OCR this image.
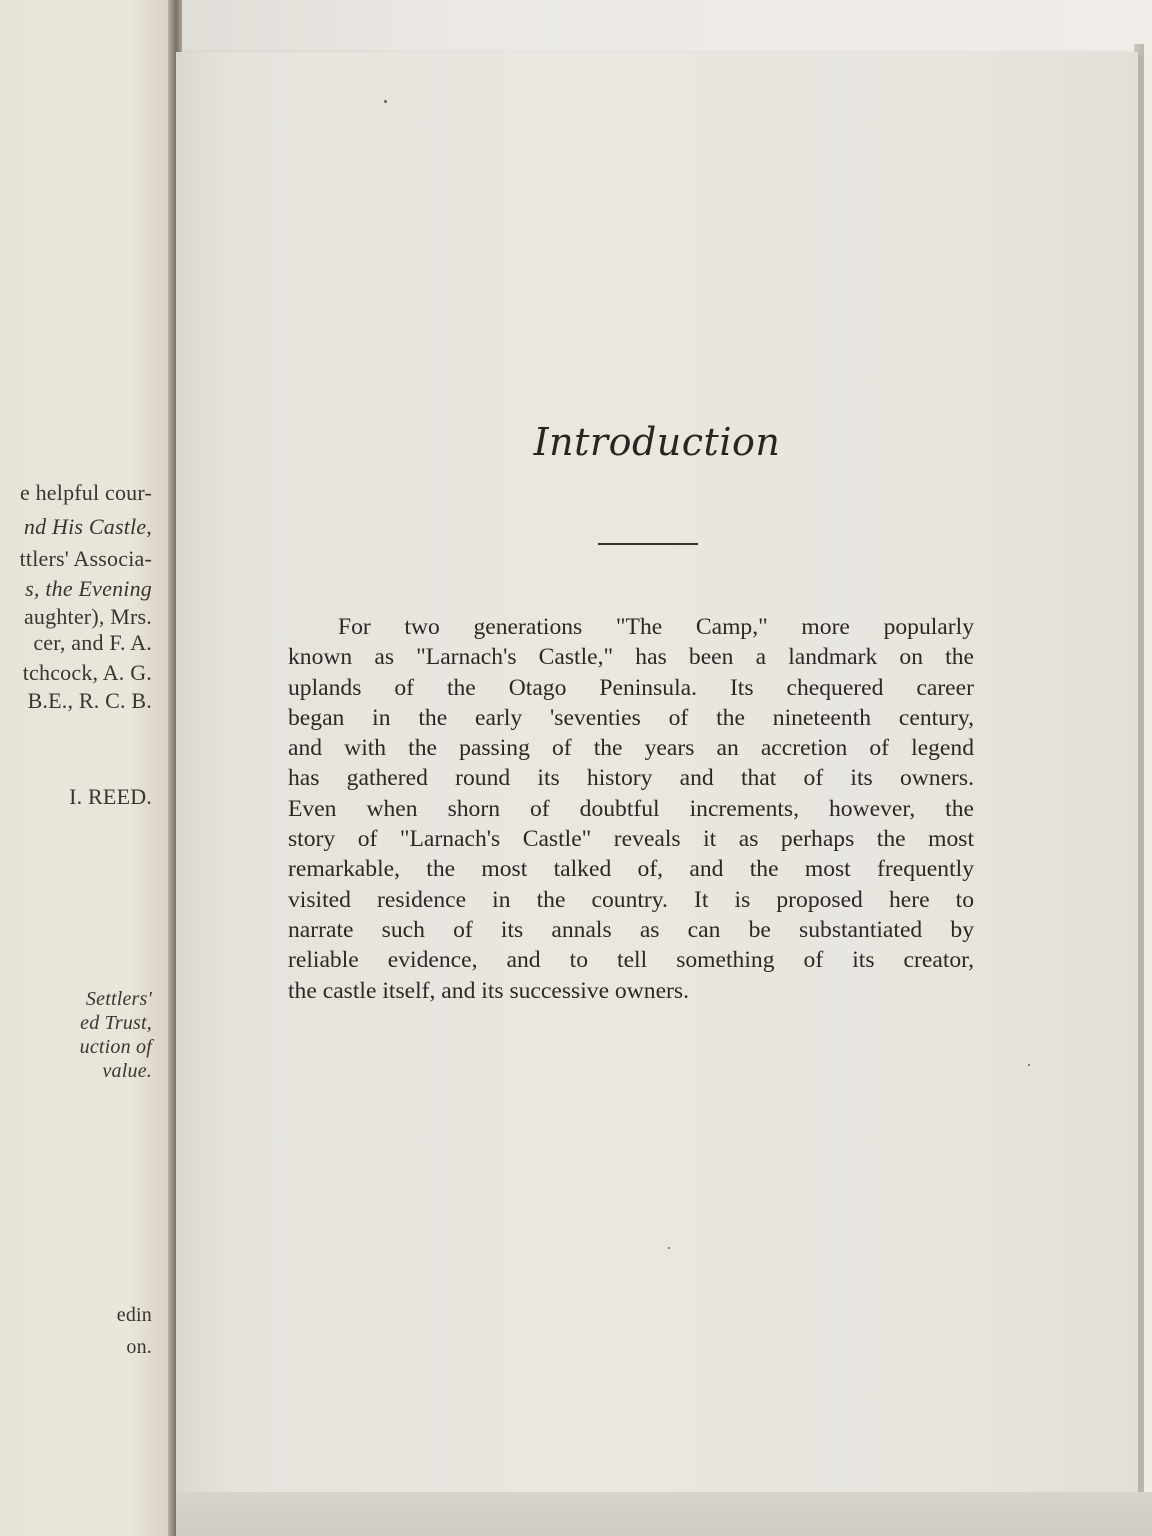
e helpful cour-
nd His Castle,
ttlers' Associa-
s, the Evening
aughter), Mrs.
cer, and F. A.
tchcock, A. G.
B.E., R. C. B.
I. REED.
Settlers'
ed Trust,
uction of
value.
edin
on.
Introduction
For two generations "The Camp," more popularly
known as "Larnach's Castle," has been a landmark on the
uplands of the Otago Peninsula. Its chequered career
began in the early 'seventies of the nineteenth century,
and with the passing of the years an accretion of legend
has gathered round its history and that of its owners.
Even when shorn of doubtful increments, however, the
story of "Larnach's Castle" reveals it as perhaps the most
remarkable, the most talked of, and the most frequently
visited residence in the country. It is proposed here to
narrate such of its annals as can be substantiated by
reliable evidence, and to tell something of its creator,
the castle itself, and its successive owners.
